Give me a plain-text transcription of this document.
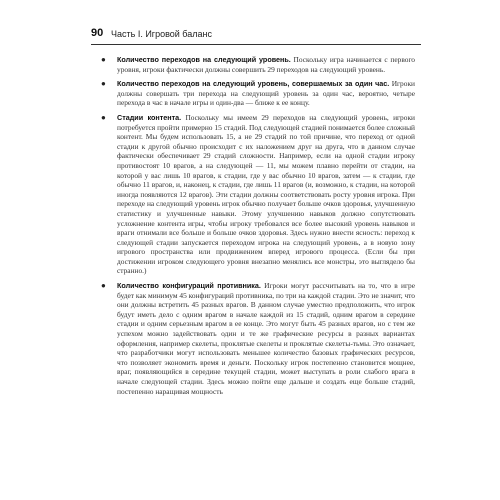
90 Часть I. Игровой баланс
●	Количество переходов на следующий уровень. Поскольку игра начинается с первого уровня, игроки фактически должны совершить 29 переходов на следующий уровень.
●	Количество переходов на следующий уровень, совершаемых за один час. Игроки должны совершать три перехода на следующий уровень за один час, вероятно, четыре перехода в час в начале игры и один-два — ближе к ее концу.
●	Стадии контента. Поскольку мы имеем 29 переходов на следующий уровень, игроки потребуется пройти примерно 15 стадий. Под следующей стадией понимается более сложный контент. Мы будем использовать 15, а не 29 стадий по той причине, что переход от одной стадии к другой обычно происходит с их наложением друг на друга, что в данном случае фактически обеспечивает 29 стадий сложности. Например, если на одной стадии игроку противостоят 10 врагов, а на следующей — 11, мы можем плавно перейти от стадии, на которой у вас лишь 10 врагов, к стадии, где у вас обычно 10 врагов, затем — к стадии, где обычно 11 врагов, и, наконец, к стадии, где лишь 11 врагов (и, возможно, к стадии, на которой иногда появляются 12 врагов). Эти стадии должны соответствовать росту уровня игрока. При переходе на следующий уровень игрок обычно получает больше очков здоровья, улучшенную статистику и улучшенные навыки. Этому улучшению навыков должно сопутствовать усложнение контента игры, чтобы игроку требовался все более высокий уровень навыков и враги отнимали все больше и больше очков здоровья. Здесь нужно внести ясность: переход к следующей стадии запускается переходом игрока на следующий уровень, а в новую зону игрового пространства или продвижением вперед игрового процесса. (Если бы при достижении игроком следующего уровня внезапно менялись все монстры, это выглядело бы странно.)
●	Количество конфигураций противника. Игроки могут рассчитывать на то, что в игре будет как минимум 45 конфигураций противника, по три на каждой стадии. Это не значит, что они должны встретить 45 разных врагов. В данном случае уместно предположить, что игрок будут иметь дело с одним врагом в начале каждой из 15 стадий, одним врагом в середине стадии и одним серьезным врагом в ее конце. Это могут быть 45 разных врагов, но с тем же успехом можно задействовать один и те же графические ресурсы в разных вариантах оформления, например скелеты, проклятые скелеты и проклятые скелеты-тьмы. Это означает, что разработчики могут использовать меньшее количество базовых графических ресурсов, что позволяет экономить время и деньги. Поскольку игрок постепенно становится мощнее, враг, появляющийся в середине текущей стадии, может выступать в роли слабого врага в начале следующей стадии. Здесь можно пойти еще дальше и создать еще больше стадий, постепенно наращивая мощность
